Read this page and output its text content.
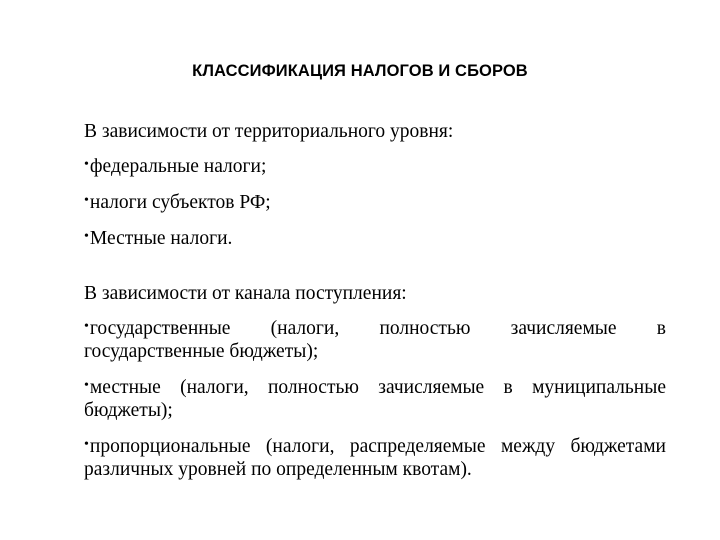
КЛАССИФИКАЦИЯ НАЛОГОВ И СБОРОВ
В зависимости от территориального уровня:
•федеральные налоги;
•налоги субъектов РФ;
•Местные налоги.
В зависимости от канала поступления:
•государственные (налоги, полностью зачисляемые в государственные бюджеты);
•местные (налоги, полностью зачисляемые в муниципальные бюджеты);
•пропорциональные (налоги, распределяемые между бюджетами различных уровней по определенным квотам).
